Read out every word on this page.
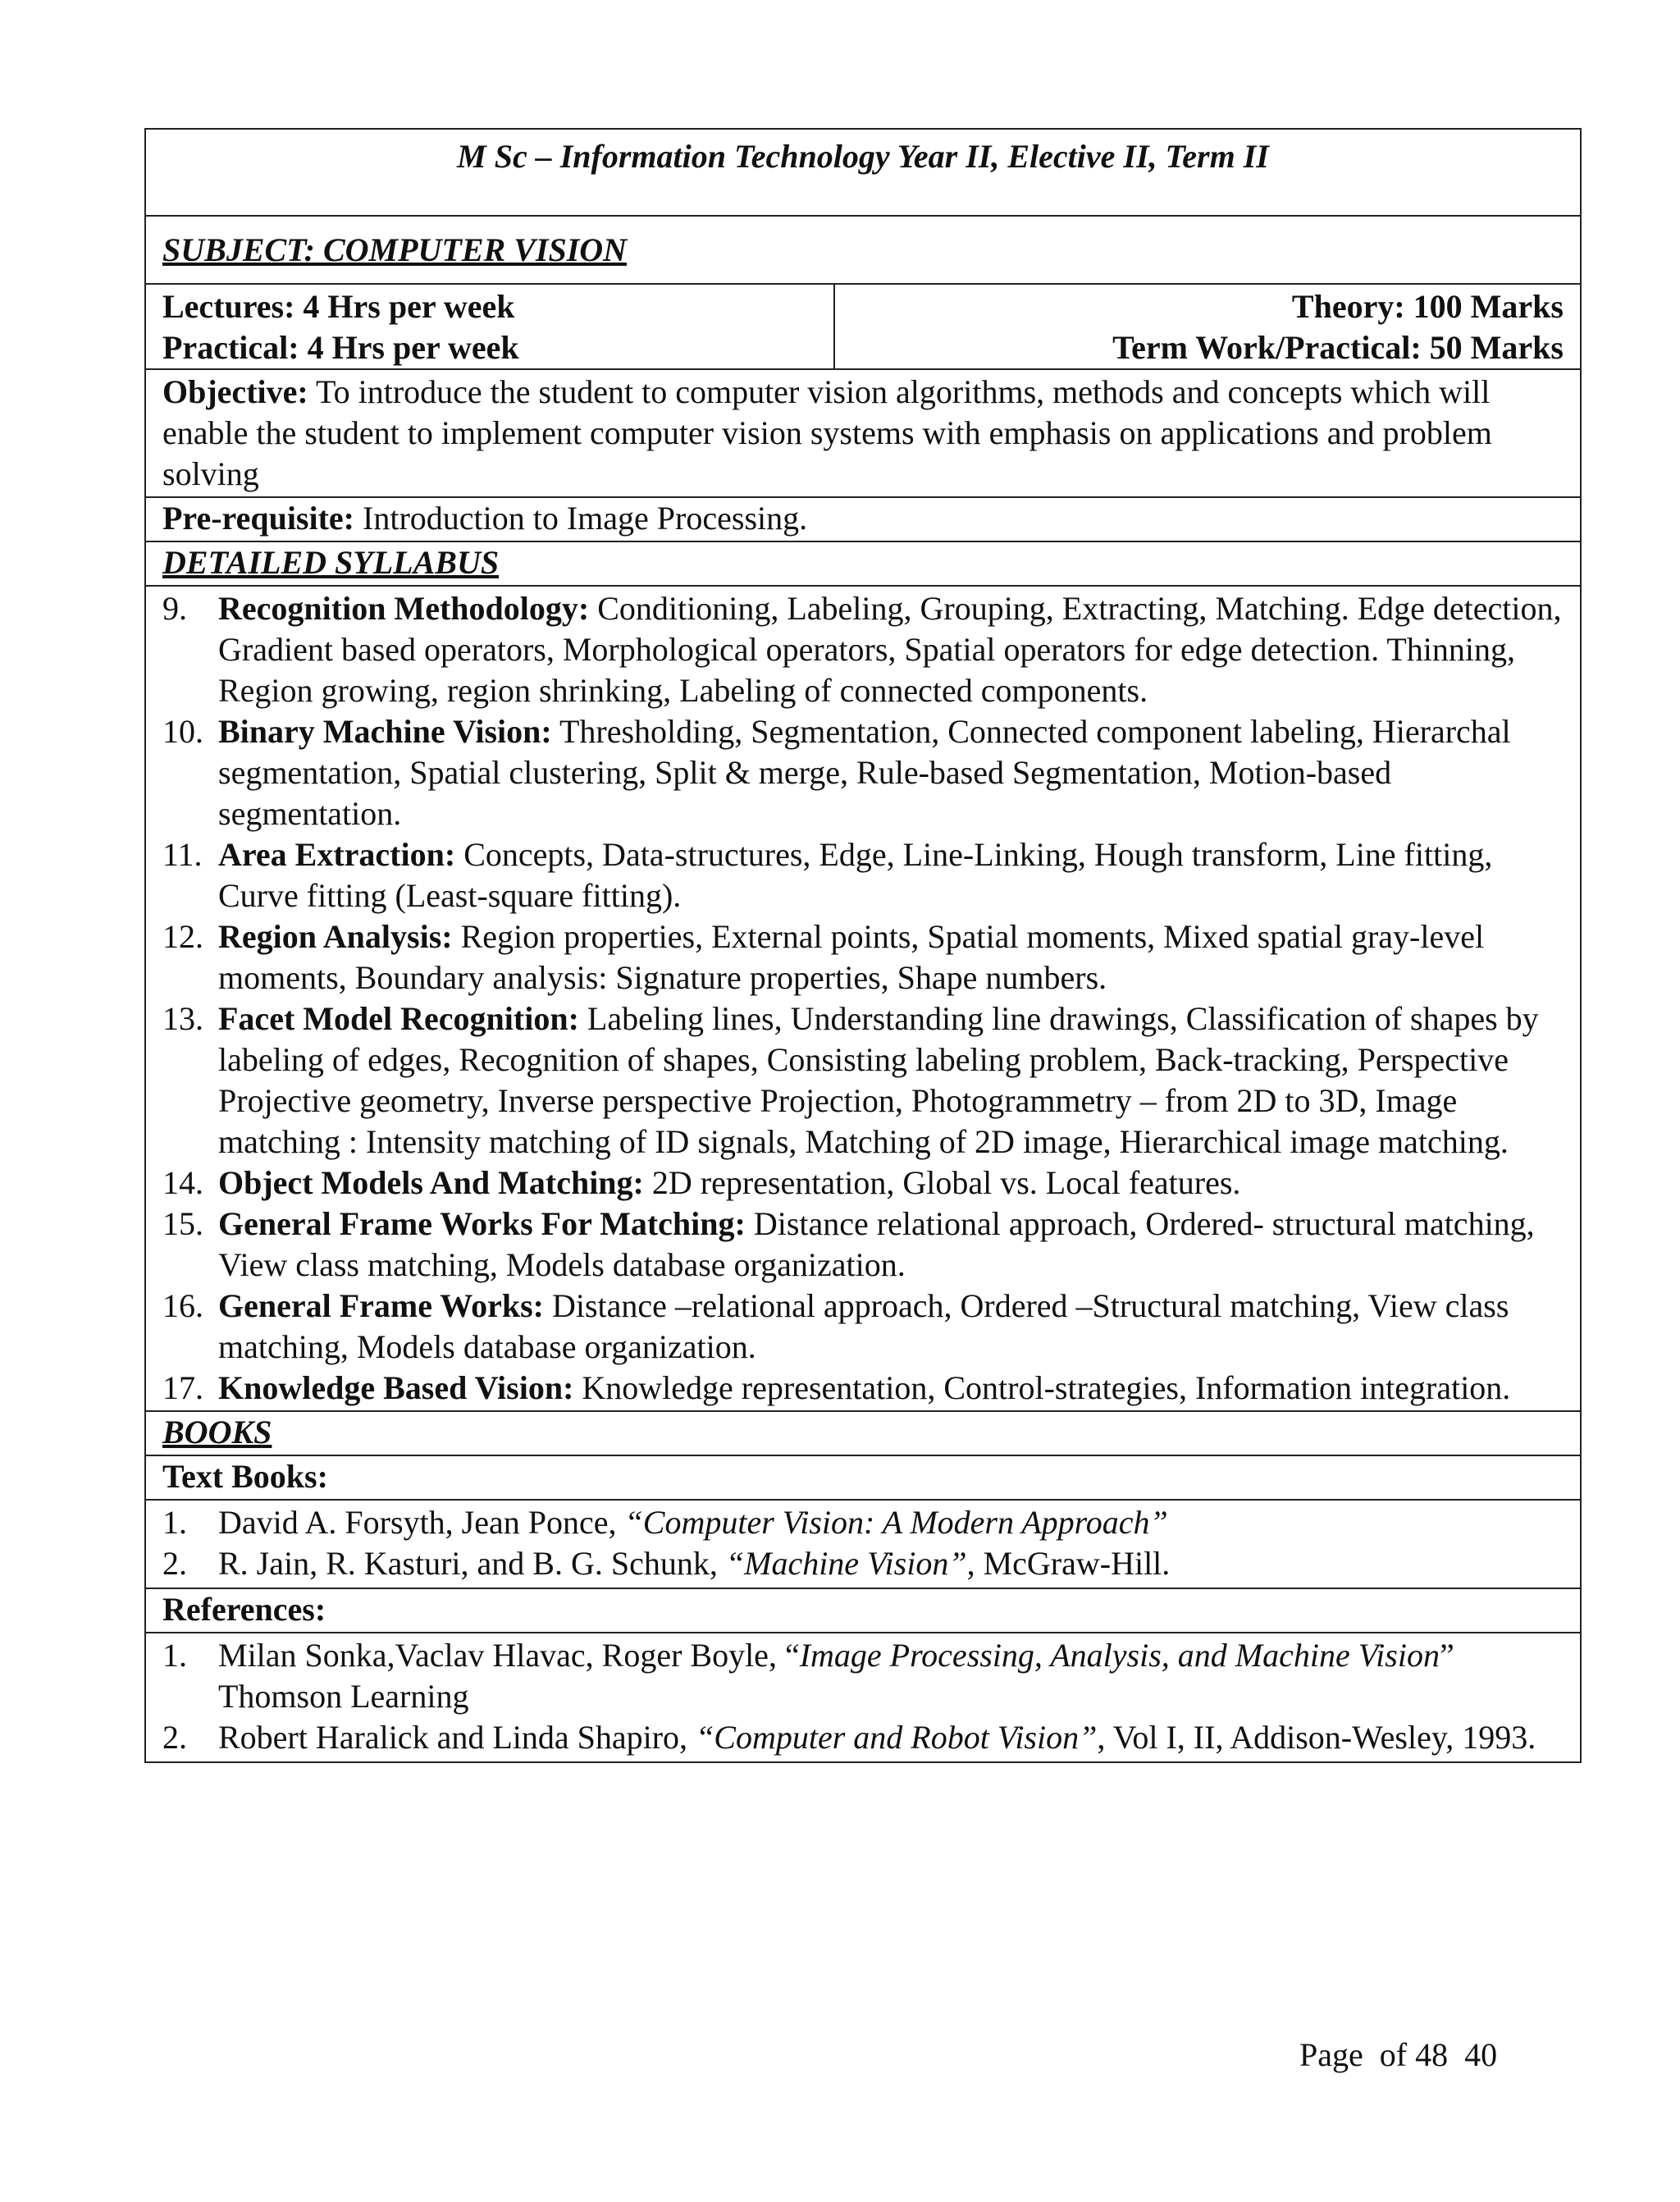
M Sc – Information Technology Year II, Elective II, Term II
SUBJECT: COMPUTER VISION
Lectures: 4 Hrs per week
Practical: 4 Hrs per week
Theory: 100 Marks
Term Work/Practical: 50 Marks
Objective: To introduce the student to computer vision algorithms, methods and concepts which will enable the student to implement computer vision systems with emphasis on applications and problem solving
Pre-requisite: Introduction to Image Processing.
DETAILED SYLLABUS
9. Recognition Methodology: Conditioning, Labeling, Grouping, Extracting, Matching. Edge detection, Gradient based operators, Morphological operators, Spatial operators for edge detection. Thinning, Region growing, region shrinking, Labeling of connected components.
10. Binary Machine Vision: Thresholding, Segmentation, Connected component labeling, Hierarchal segmentation, Spatial clustering, Split & merge, Rule-based Segmentation, Motion-based segmentation.
11. Area Extraction: Concepts, Data-structures, Edge, Line-Linking, Hough transform, Line fitting, Curve fitting (Least-square fitting).
12. Region Analysis: Region properties, External points, Spatial moments, Mixed spatial gray-level moments, Boundary analysis: Signature properties, Shape numbers.
13. Facet Model Recognition: Labeling lines, Understanding line drawings, Classification of shapes by labeling of edges, Recognition of shapes, Consisting labeling problem, Back-tracking, Perspective Projective geometry, Inverse perspective Projection, Photogrammetry – from 2D to 3D, Image matching : Intensity matching of ID signals, Matching of 2D image, Hierarchical image matching.
14. Object Models And Matching: 2D representation, Global vs. Local features.
15. General Frame Works For Matching: Distance relational approach, Ordered- structural matching, View class matching, Models database organization.
16. General Frame Works: Distance –relational approach, Ordered –Structural matching, View class matching, Models database organization.
17. Knowledge Based Vision: Knowledge representation, Control-strategies, Information integration.
BOOKS
Text Books:
1. David A. Forsyth, Jean Ponce, “Computer Vision: A Modern Approach”
2. R. Jain, R. Kasturi, and B. G. Schunk, “Machine Vision”, McGraw-Hill.
References:
1. Milan Sonka,Vaclav Hlavac, Roger Boyle, “Image Processing, Analysis, and Machine Vision” Thomson Learning
2. Robert Haralick and Linda Shapiro, “Computer and Robot Vision”, Vol I, II, Addison-Wesley, 1993.
Page  of 48  40
